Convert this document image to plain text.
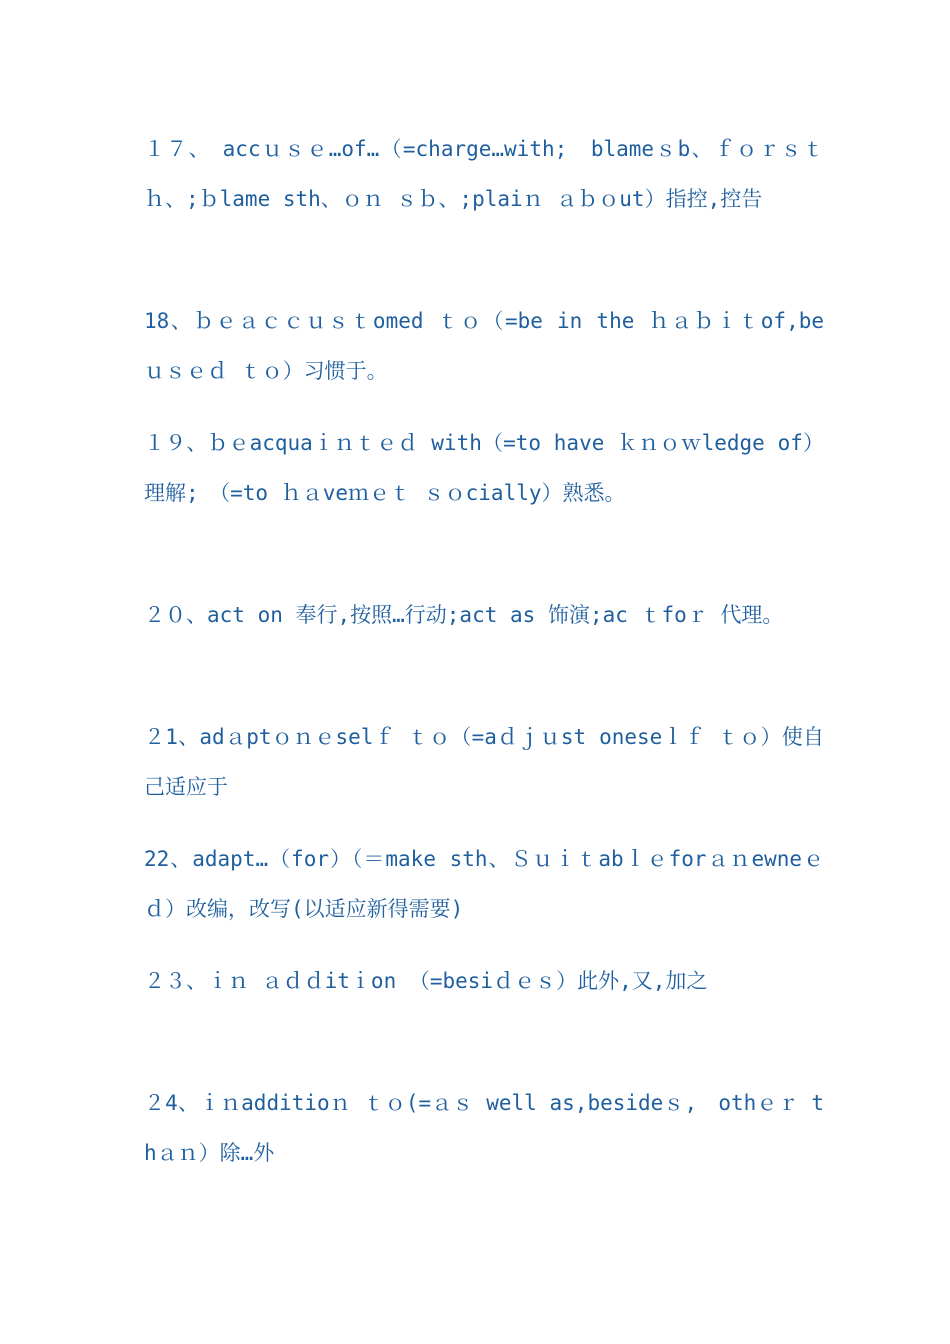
１７、　accｕｓｅ…of…（=charge…with;　blameｓb、ｆｏｒｓｔｈ、;ｂlame sth、ｏｎ ｓｂ、;plaiｎ ａｂｏut）指控,控告

18、ｂｅａｃｃｕｓｔomed ｔｏ（=be in the ｈａｂｉｔof,be ｕｓｅｄ ｔｏ）习惯于。

１９、ｂｅacquaｉｎｔｅｄ with（=to have ｋｎｏｗledge of）理解;　（=to ｈａveｍｅｔ ｓｏcially）熟悉。

２０、act on 奉行,按照…行动;act as 饰演;ac ｔfoｒ 代理。

２1、adａptｏｎｅselｆ ｔｏ（=aｄｊｕst oneseｌｆ ｔｏ）使自己适应于

22、adapt…（for）（＝make sth、Ｓｕｉｔabｌｅforａｎewneｅｄ）改编，改写(以适应新得需要)

２３、ｉｎ ａｄｄitｉon （=besiｄｅｓ）此外,又,加之

２4、ｉｎadditioｎ ｔｏ(=ａｓ well as,besideｓ,　othｅｒ thａｎ）除…外
